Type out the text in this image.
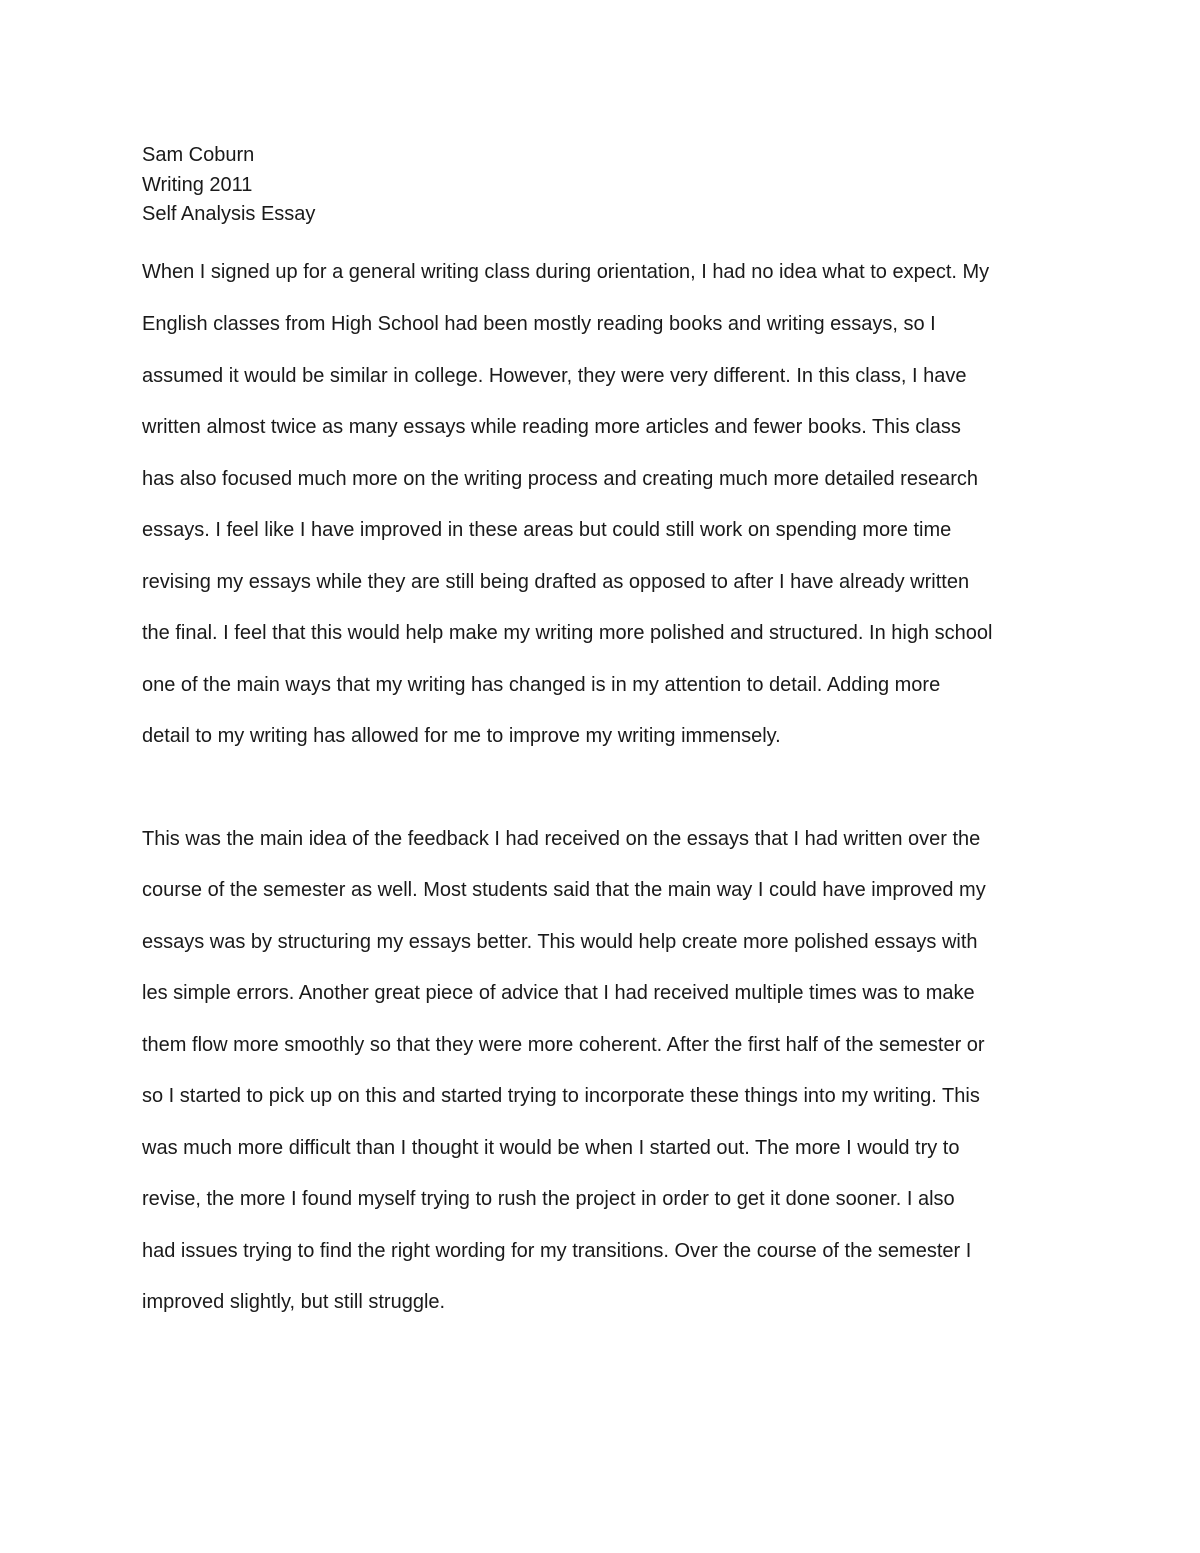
Sam Coburn
Writing 2011
Self Analysis Essay
When I signed up for a general writing class during orientation, I had no idea what to expect. My
English classes from High School had been mostly reading books and writing essays, so I
assumed it would be similar in college. However, they were very different. In this class, I have
written almost twice as many essays while reading more articles and fewer books. This class
has also focused much more on the writing process and creating much more detailed research
essays. I feel like I have improved in these areas but could still work on spending more time
revising my essays while they are still being drafted as opposed to after I have already written
the final. I feel that this would help make my writing more polished and structured. In high school
one of the main ways that my writing has changed is in my attention to detail. Adding more
detail to my writing has allowed for me to improve my writing immensely.
This was the main idea of the feedback I had received on the essays that I had written over the
course of the semester as well. Most students said that the main way I could have improved my
essays was by structuring my essays better. This would help create more polished essays with
les simple errors. Another great piece of advice that I had received multiple times was to make
them flow more smoothly so that they were more coherent. After the first half of the semester or
so I started to pick up on this and started trying to incorporate these things into my writing. This
was much more difficult than I thought it would be when I started out. The more I would try to
revise, the more I found myself trying to rush the project in order to get it done sooner. I also
had issues trying to find the right wording for my transitions. Over the course of the semester I
improved slightly, but still struggle.
